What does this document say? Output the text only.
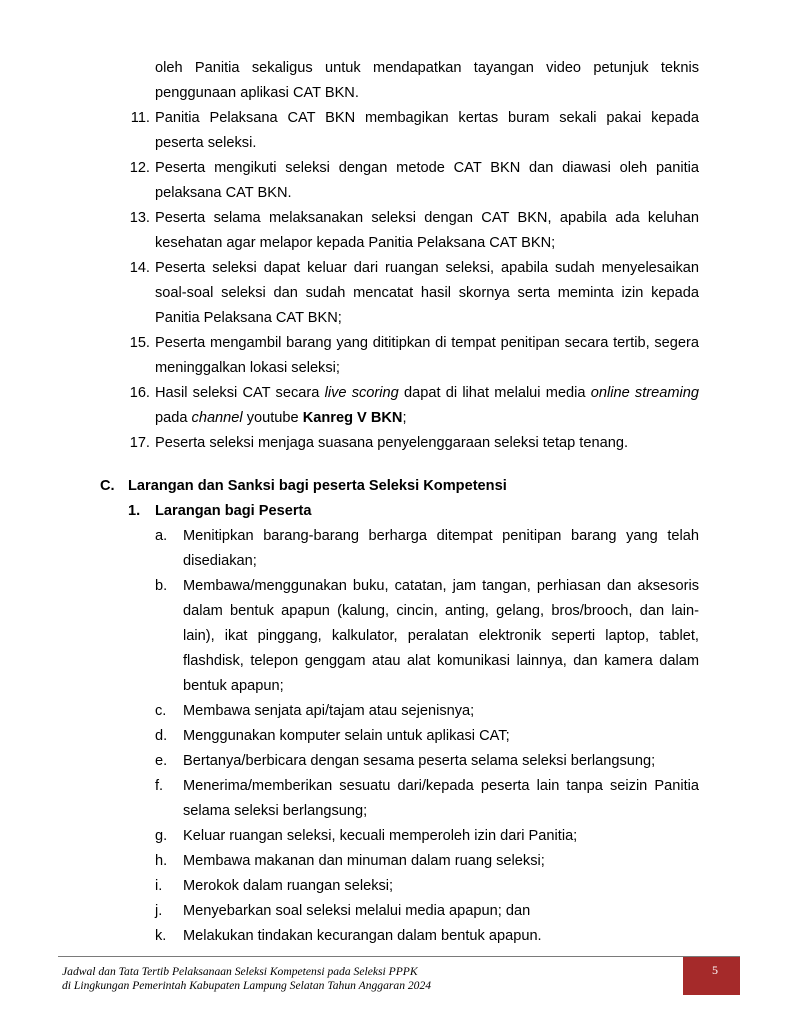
oleh Panitia sekaligus untuk mendapatkan tayangan video petunjuk teknis
penggunaan aplikasi CAT BKN.
11. Panitia Pelaksana CAT BKN membagikan kertas buram sekali pakai kepada
peserta seleksi.
12. Peserta mengikuti seleksi dengan metode CAT BKN dan diawasi oleh panitia
pelaksana CAT BKN.
13. Peserta selama melaksanakan seleksi dengan CAT BKN, apabila ada keluhan
kesehatan agar melapor kepada Panitia Pelaksana CAT BKN;
14. Peserta seleksi dapat keluar dari ruangan seleksi, apabila sudah menyelesaikan
soal-soal seleksi dan sudah mencatat hasil skornya serta meminta izin kepada
Panitia Pelaksana CAT BKN;
15. Peserta mengambil barang yang dititipkan di tempat penitipan secara tertib, segera
meninggalkan lokasi seleksi;
16. Hasil seleksi CAT secara live scoring dapat di lihat melalui media online streaming
pada channel youtube Kanreg V BKN;
17. Peserta seleksi menjaga suasana penyelenggaraan seleksi tetap tenang.
C. Larangan dan Sanksi bagi peserta Seleksi Kompetensi
1. Larangan bagi Peserta
a. Menitipkan barang-barang berharga ditempat penitipan barang yang telah
disediakan;
b. Membawa/menggunakan buku, catatan, jam tangan, perhiasan dan aksesoris
dalam bentuk apapun (kalung, cincin, anting, gelang, bros/brooch, dan lain-
lain), ikat pinggang, kalkulator, peralatan elektronik seperti laptop, tablet,
flashdisk, telepon genggam atau alat komunikasi lainnya, dan kamera dalam
bentuk apapun;
c. Membawa senjata api/tajam atau sejenisnya;
d. Menggunakan komputer selain untuk aplikasi CAT;
e. Bertanya/berbicara dengan sesama peserta selama seleksi berlangsung;
f. Menerima/memberikan sesuatu dari/kepada peserta lain tanpa seizin Panitia
selama seleksi berlangsung;
g. Keluar ruangan seleksi, kecuali memperoleh izin dari Panitia;
h. Membawa makanan dan minuman dalam ruang seleksi;
i. Merokok dalam ruangan seleksi;
j. Menyebarkan soal seleksi melalui media apapun; dan
k. Melakukan tindakan kecurangan dalam bentuk apapun.
Jadwal dan Tata Tertib Pelaksanaan Seleksi Kompetensi pada Seleksi PPPK
di Lingkungan Pemerintah Kabupaten Lampung Selatan Tahun Anggaran 2024
5
